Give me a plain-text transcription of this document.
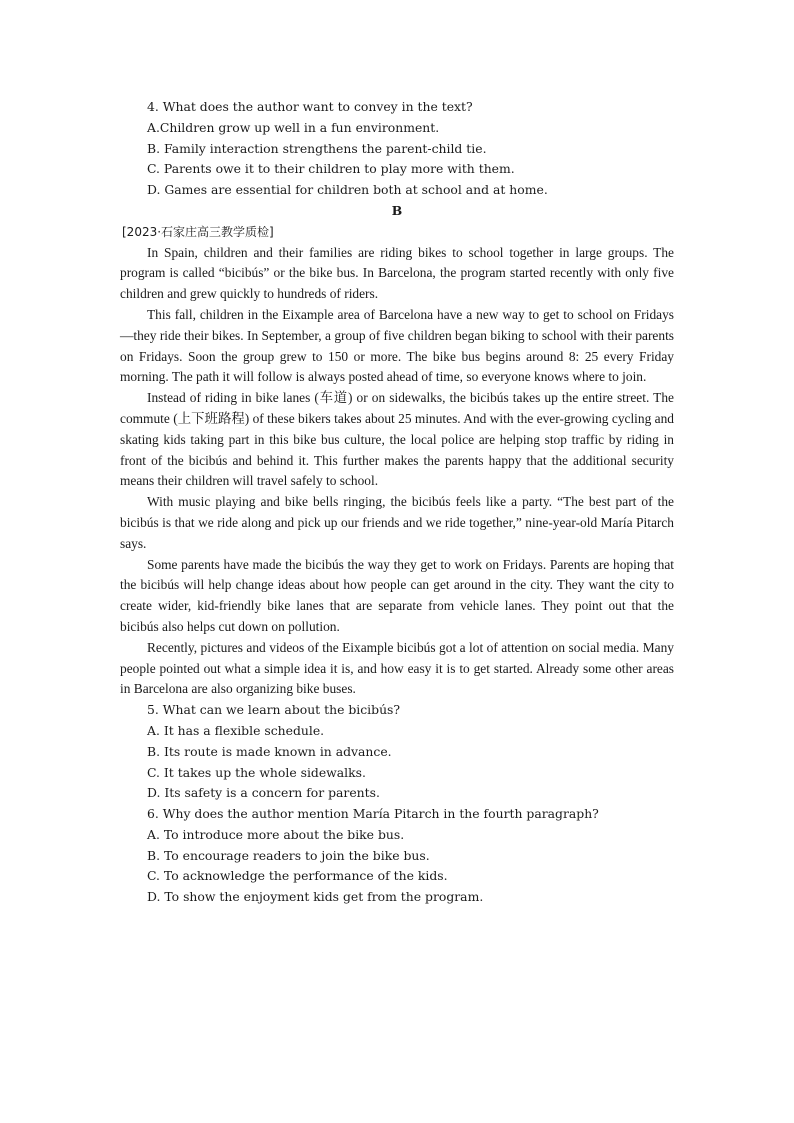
4. What does the author want to convey in the text?
A.Children grow up well in a fun environment.
B. Family interaction strengthens the parent-child tie.
C. Parents owe it to their children to play more with them.
D. Games are essential for children both at school and at home.
B
[2023·石家庄高三教学质检]

In Spain, children and their families are riding bikes to school together in large groups. The program is called “bicibús” or the bike bus. In Barcelona, the program started recently with only five children and grew quickly to hundreds of riders.

This fall, children in the Eixample area of Barcelona have a new way to get to school on Fridays—they ride their bikes. In September, a group of five children began biking to school with their parents on Fridays. Soon the group grew to 150 or more. The bike bus begins around 8: 25 every Friday morning. The path it will follow is always posted ahead of time, so everyone knows where to join.

Instead of riding in bike lanes (车道) or on sidewalks, the bicibús takes up the entire street. The commute (上下班路程) of these bikers takes about 25 minutes. And with the ever-growing cycling and skating kids taking part in this bike bus culture, the local police are helping stop traffic by riding in front of the bicibús and behind it. This further makes the parents happy that the additional security means their children will travel safely to school.

With music playing and bike bells ringing, the bicibús feels like a party. “The best part of the bicibús is that we ride along and pick up our friends and we ride together,” nine-year-old María Pitarch says.

Some parents have made the bicibús the way they get to work on Fridays. Parents are hoping that the bicibús will help change ideas about how people can get around in the city. They want the city to create wider, kid-friendly bike lanes that are separate from vehicle lanes. They point out that the bicibús also helps cut down on pollution.

Recently, pictures and videos of the Eixample bicibús got a lot of attention on social media. Many people pointed out what a simple idea it is, and how easy it is to get started. Already some other areas in Barcelona are also organizing bike buses.

5. What can we learn about the bicibús?
A. It has a flexible schedule.
B. Its route is made known in advance.
C. It takes up the whole sidewalks.
D. Its safety is a concern for parents.
6. Why does the author mention María Pitarch in the fourth paragraph?
A. To introduce more about the bike bus.
B. To encourage readers to join the bike bus.
C. To acknowledge the performance of the kids.
D. To show the enjoyment kids get from the program.
